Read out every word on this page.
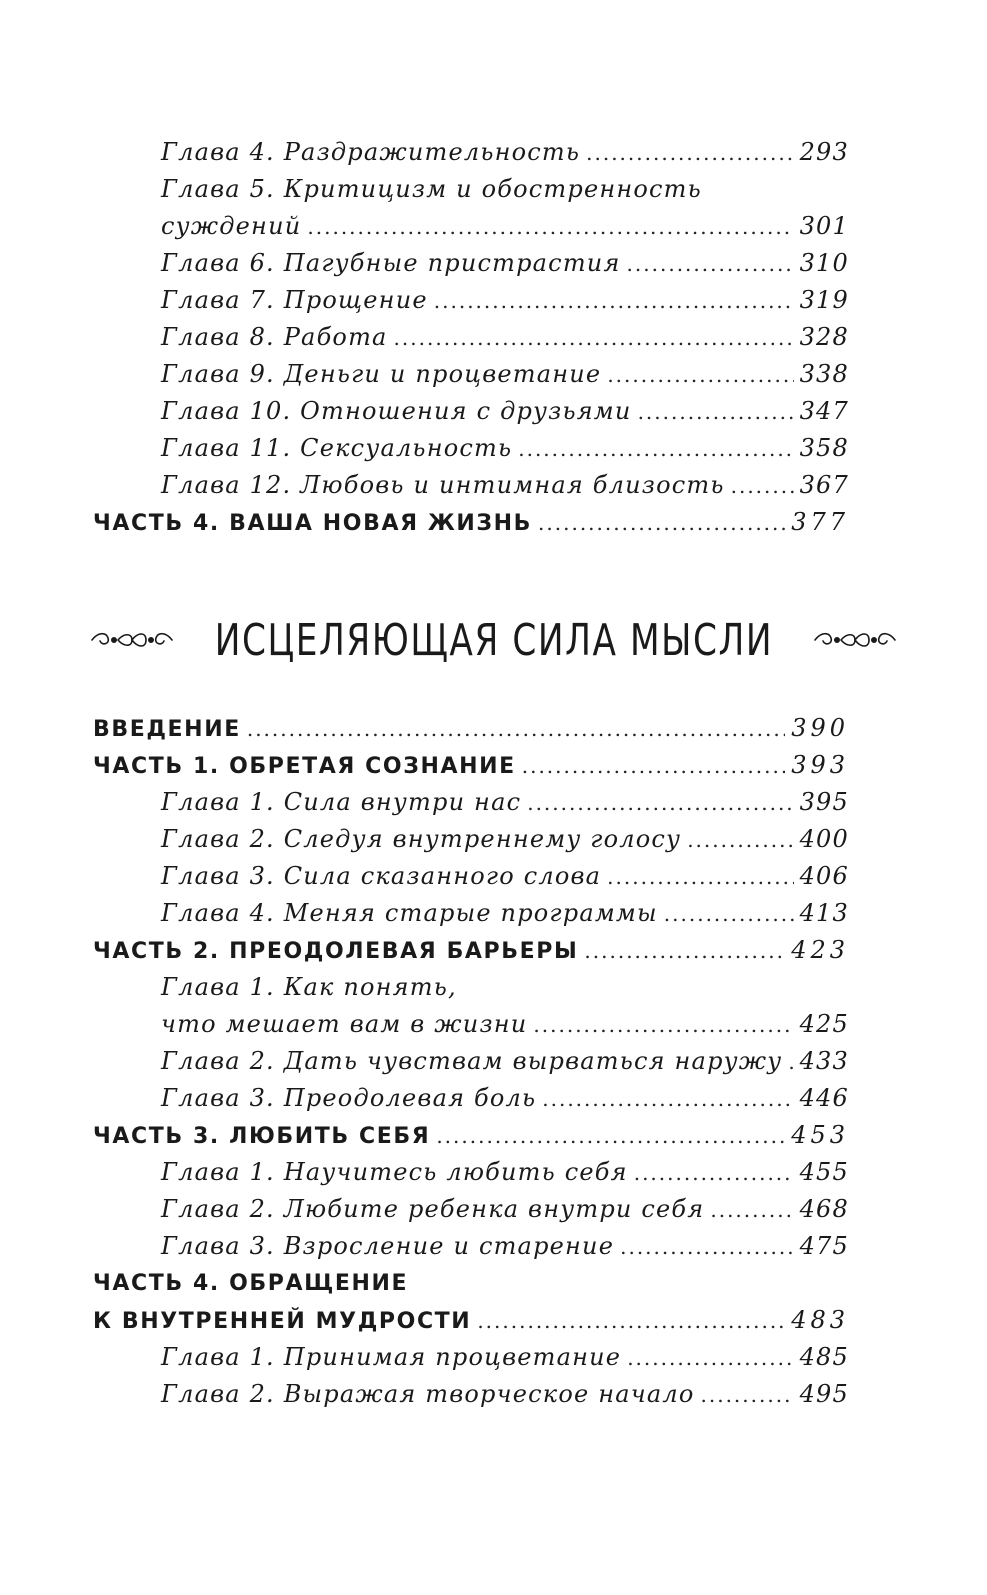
Глава 4. Раздражительность .....	293
Глава 5. Критицизм и обостренность
суждений .....	301
Глава 6. Пагубные пристрастия .....	310
Глава 7. Прощение .....	319
Глава 8. Работа .....	328
Глава 9. Деньги и процветание .....	338
Глава 10. Отношения с друзьями .....	347
Глава 11. Сексуальность .....	358
Глава 12. Любовь и интимная близость .....	367
ЧАСТЬ 4. ВАША НОВАЯ ЖИЗНЬ .....	377
ИСЦЕЛЯЮЩАЯ СИЛА МЫСЛИ
ВВЕДЕНИЕ .....	390
ЧАСТЬ 1. ОБРЕТАЯ СОЗНАНИЕ .....	393
Глава 1. Сила внутри нас .....	395
Глава 2. Следуя внутреннему голосу .....	400
Глава 3. Сила сказанного слова .....	406
Глава 4. Меняя старые программы .....	413
ЧАСТЬ 2. ПРЕОДОЛЕВАЯ БАРЬЕРЫ .....	423
Глава 1. Как понять,
что мешает вам в жизни .....	425
Глава 2. Дать чувствам вырваться наружу ..... 433
Глава 3. Преодолевая боль .....	446
ЧАСТЬ 3. ЛЮБИТЬ СЕБЯ .....	453
Глава 1. Научитесь любить себя .....	455
Глава 2. Любите ребенка внутри себя .....	468
Глава 3. Взросление и старение .....	475
ЧАСТЬ 4. ОБРАЩЕНИЕ
К ВНУТРЕННЕЙ МУДРОСТИ .....	483
Глава 1. Принимая процветание .....	485
Глава 2. Выражая творческое начало .....	495
